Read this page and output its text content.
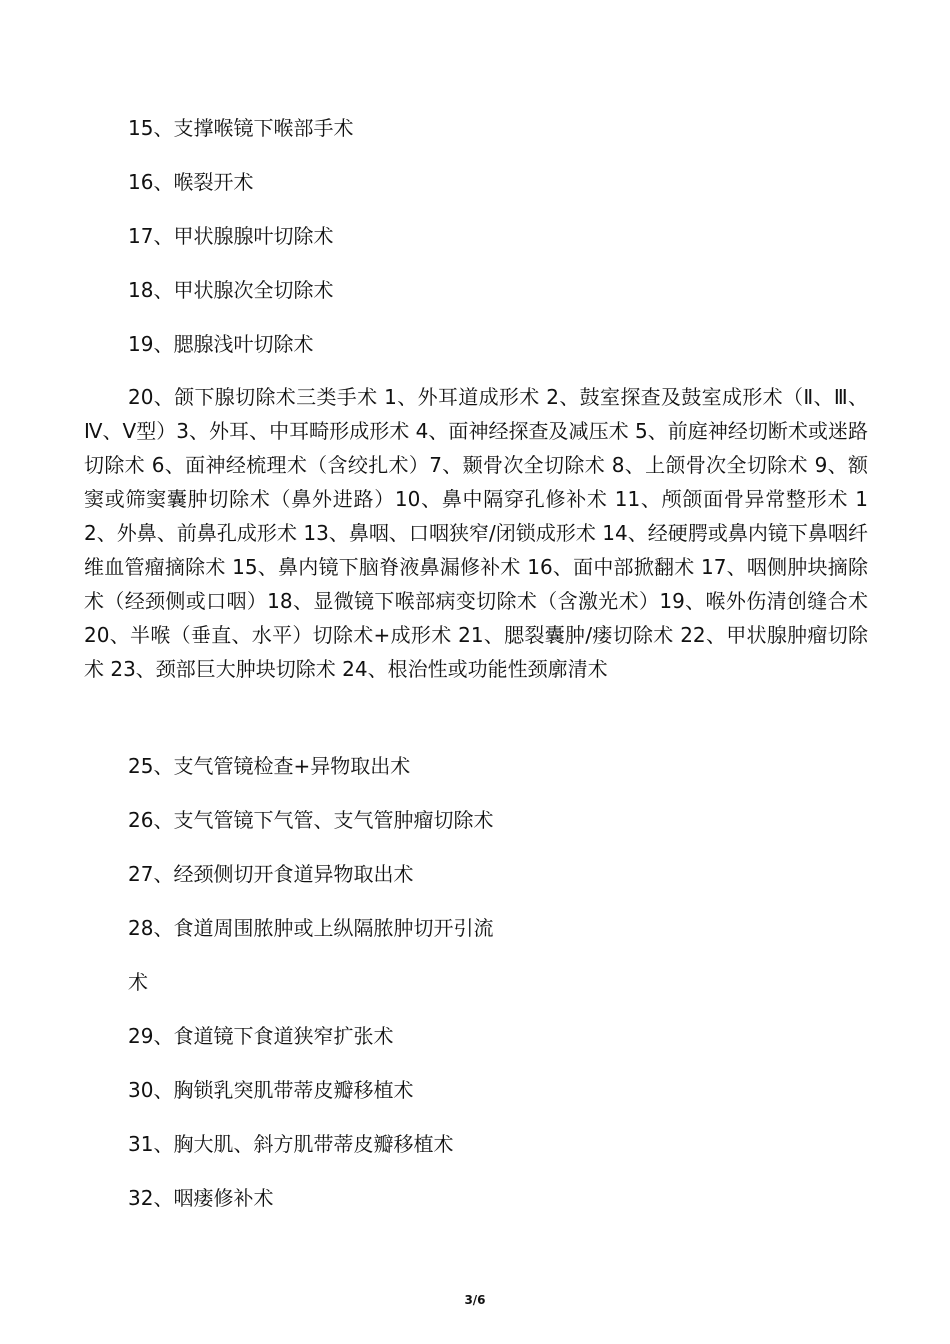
15、支撑喉镜下喉部手术
16、喉裂开术
17、甲状腺腺叶切除术
18、甲状腺次全切除术
19、腮腺浅叶切除术
20、颌下腺切除术三类手术 1、外耳道成形术 2、鼓室探查及鼓室成形术（Ⅱ、Ⅲ、Ⅳ、Ⅴ型）3、外耳、中耳畸形成形术 4、面神经探查及减压术 5、前庭神经切断术或迷路切除术 6、面神经梳理术（含绞扎术）7、颞骨次全切除术 8、上颌骨次全切除术 9、额窦或筛窦囊肿切除术（鼻外进路）10、鼻中隔穿孔修补术 11、颅颌面骨异常整形术 12、外鼻、前鼻孔成形术 13、鼻咽、口咽狭窄/闭锁成形术 14、经硬腭或鼻内镜下鼻咽纤维血管瘤摘除术 15、鼻内镜下脑脊液鼻漏修补术 16、面中部掀翻术 17、咽侧肿块摘除术（经颈侧或口咽）18、显微镜下喉部病变切除术（含激光术）19、喉外伤清创缝合术 20、半喉（垂直、水平）切除术+成形术 21、腮裂囊肿/瘘切除术 22、甲状腺肿瘤切除术 23、颈部巨大肿块切除术 24、根治性或功能性颈廓清术
25、支气管镜检查+异物取出术
26、支气管镜下气管、支气管肿瘤切除术
27、经颈侧切开食道异物取出术
28、食道周围脓肿或上纵隔脓肿切开引流
术
29、食道镜下食道狭窄扩张术
30、胸锁乳突肌带蒂皮瓣移植术
31、胸大肌、斜方肌带蒂皮瓣移植术
32、咽瘘修补术
3/6
